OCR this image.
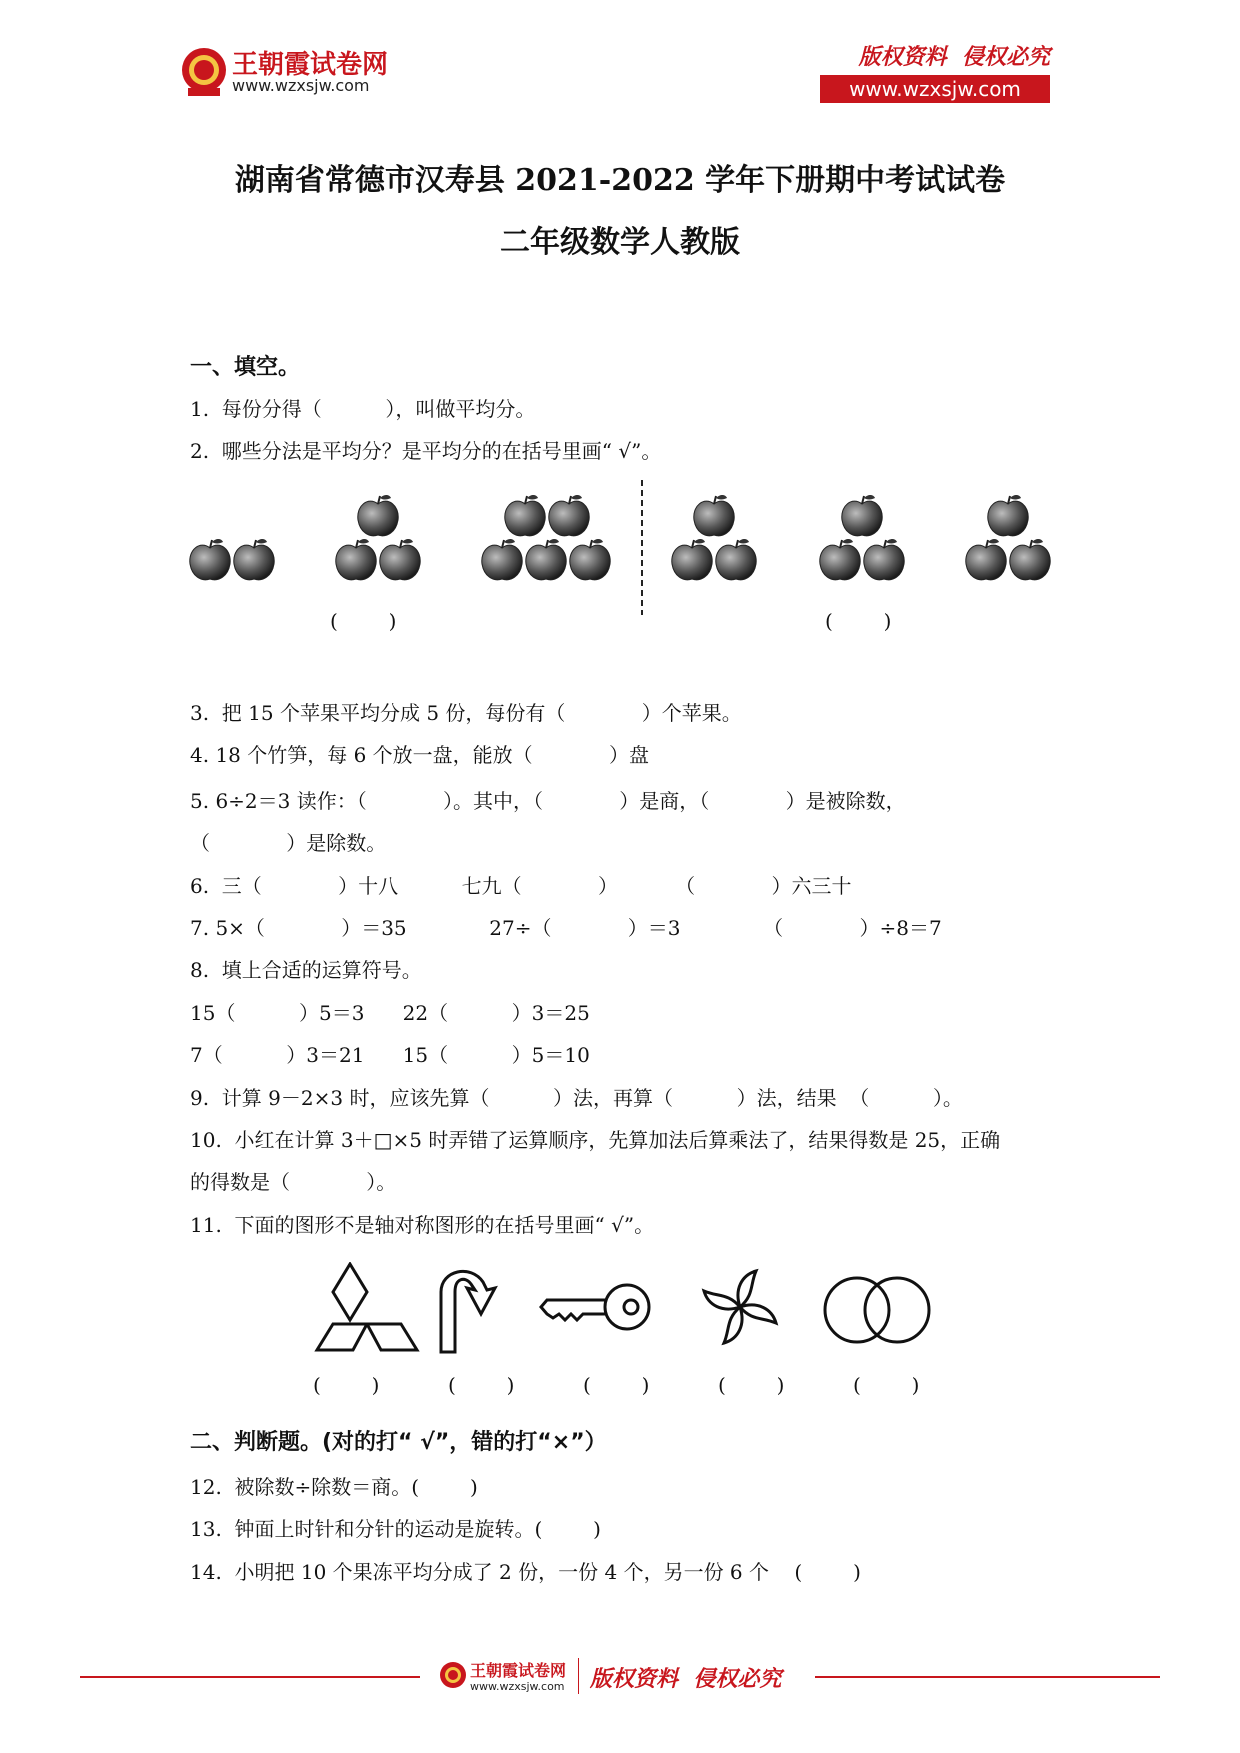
王朝霞试卷网
www.wzxsjw.com
版权资料  侵权必究
www.wzxsjw.com
湖南省常德市汉寿县 2021-2022 学年下册期中考试试卷
二年级数学人教版
一、填空。
1.  每份分得（          ），叫做平均分。
2.  哪些分法是平均分？是平均分的在括号里画“ √”。
(        )	(        )
3.  把 15 个苹果平均分成 5 份，每份有（            ）个苹果。
4. 18 个竹笋，每 6 个放一盘，能放（            ）盘
5. 6÷2＝3 读作：（            ）。其中，（            ）是商，（            ）是被除数，
（            ）是除数。
6.  三（            ）十八          七九（            ）         （            ）六三十
7. 5×（            ）＝35             27÷（            ）＝3             （            ）÷8＝7
8.  填上合适的运算符号。
15（          ）5＝3      22（          ）3＝25
7（          ）3＝21      15（          ）5＝10
9.  计算 9－2×3 时，应该先算（          ）法，再算（          ）法，结果  （          ）。
10.  小红在计算 3＋□×5 时弄错了运算顺序，先算加法后算乘法了，结果得数是 25，正确
的得数是（            ）。
11.  下面的图形不是轴对称图形的在括号里画“ √”。
(        )	(        )	(        )	(        )	(        )
二、判断题。(对的打“ √”，错的打“×”）
12.  被除数÷除数＝商。(        )
13.  钟面上时针和分针的运动是旋转。(        )
14.  小明把 10 个果冻平均分成了 2 份，一份 4 个，另一份 6 个    (        )
王朝霞试卷网
www.wzxsjw.com 版权资料  侵权必究
